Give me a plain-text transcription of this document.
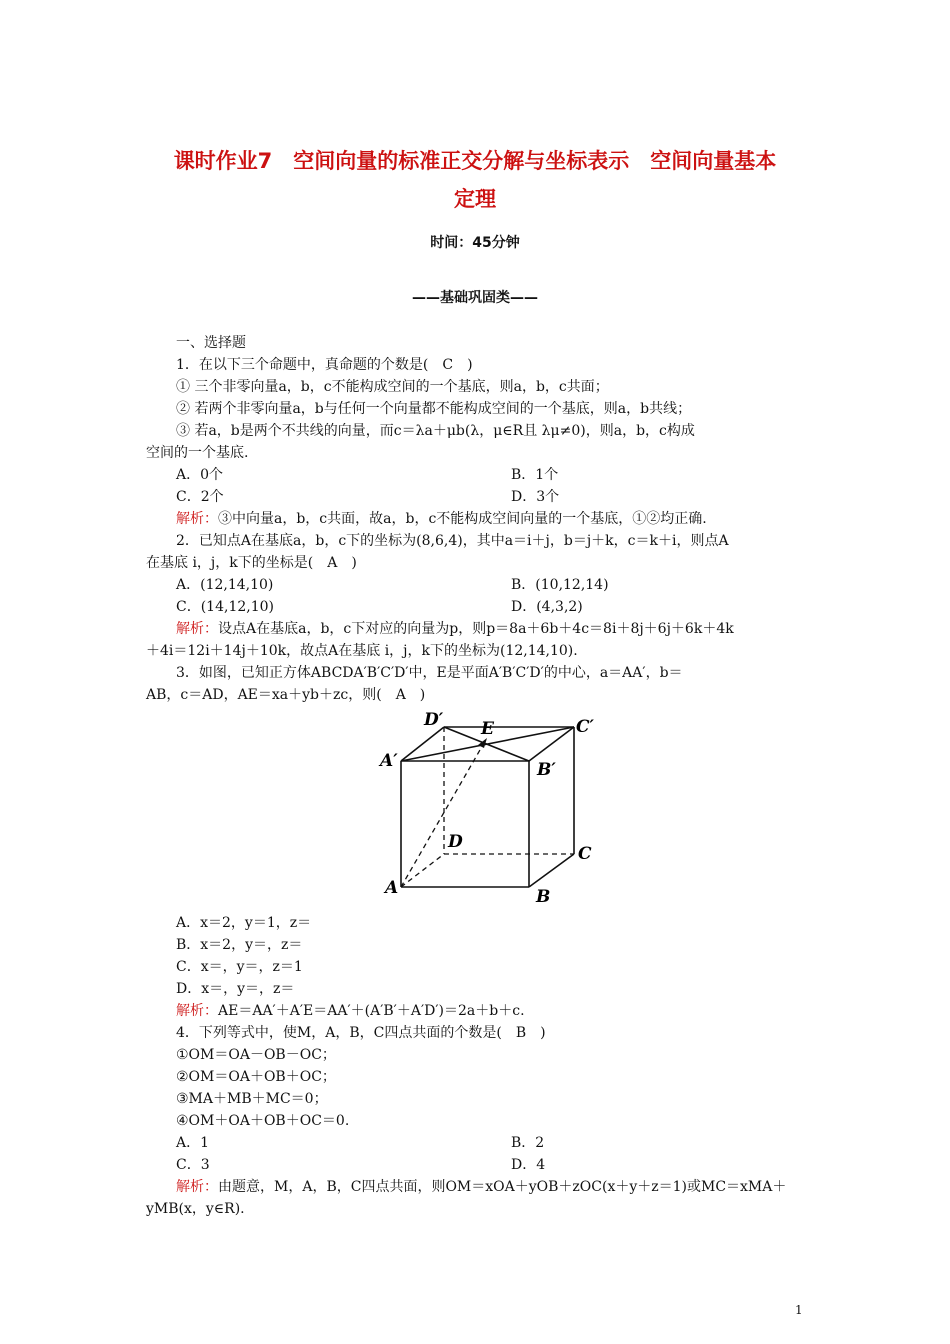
课时作业7　空间向量的标准正交分解与坐标表示　空间向量基本
定理
时间：45分钟
——基础巩固类——
一、选择题
1．在以下三个命题中，真命题的个数是(　C　)
① 三个非零向量a，b，c不能构成空间的一个基底，则a，b，c共面；
② 若两个非零向量a，b与任何一个向量都不能构成空间的一个基底，则a，b共线；
③ 若a，b是两个不共线的向量，而c＝λa＋μb(λ，μ∈R且 λμ≠0)，则a，b，c构成
空间的一个基底.
A．0个	B．1个
C．2个	D．3个
解析：③中向量a，b，c共面，故a，b，c不能构成空间向量的一个基底，①②均正确.
2．已知点A在基底a，b，c下的坐标为(8,6,4)，其中a＝i＋j，b＝j＋k，c＝k＋i，则点A
在基底 i，j，k下的坐标是(　A　)
A．(12,14,10)	B．(10,12,14)
C．(14,12,10)	D．(4,3,2)
解析：设点A在基底a，b，c下对应的向量为p，则p＝8a＋6b＋4c＝8i＋8j＋6j＋6k＋4k
＋4i＝12i＋14j＋10k，故点A在基底 i，j，k下的坐标为(12,14,10).
3．如图，已知正方体ABCDA′B′C′D′中，E是平面A′B′C′D′的中心，a＝AA′，b＝
AB，c＝AD，AE＝xa＋yb＋zc，则(　A　)
D′ E	C′
A′	B′
D
C
A	B
A．x＝2，y＝1，z＝
B．x＝2，y＝，z＝
C．x＝，y＝，z＝1
D．x＝，y＝，z＝
解析：AE＝AA′＋A′E＝AA′＋(A′B′＋A′D′)＝2a＋b＋c.
4．下列等式中，使M，A，B，C四点共面的个数是(　B　)
①OM＝OA－OB－OC；
②OM＝OA＋OB＋OC；
③MA＋MB＋MC＝0；
④OM＋OA＋OB＋OC＝0.
A．1	B．2
C．3	D．4
解析：由题意，M，A，B，C四点共面，则OM＝xOA＋yOB＋zOC(x＋y＋z＝1)或MC＝xMA＋
yMB(x，y∈R).
1
